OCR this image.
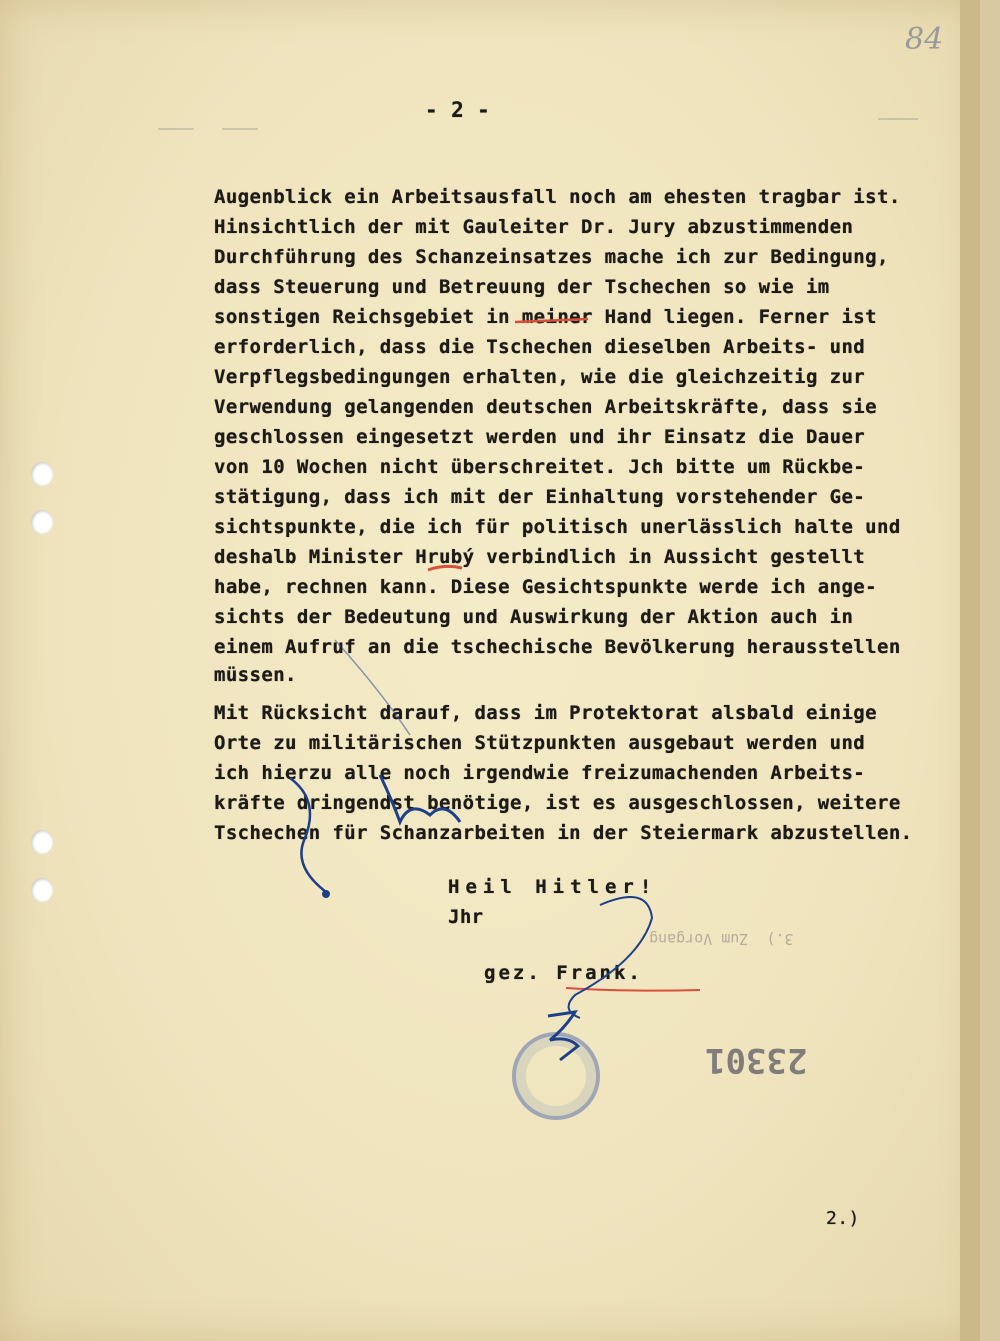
84
- 2 -
3.)  Zum Vorgang.
23301
Augenblick ein Arbeitsausfall noch am ehesten tragbar ist.
Hinsichtlich der mit Gauleiter Dr. Jury abzustimmenden
Durchführung des Schanzeinsatzes mache ich zur Bedingung,
dass Steuerung und Betreuung der Tschechen so wie im
sonstigen Reichsgebiet in meiner Hand liegen. Ferner ist
erforderlich, dass die Tschechen dieselben Arbeits- und
Verpflegsbedingungen erhalten, wie die gleichzeitig zur
Verwendung gelangenden deutschen Arbeitskräfte, dass sie
geschlossen eingesetzt werden und ihr Einsatz die Dauer
von 10 Wochen nicht überschreitet. Jch bitte um Rückbe-
stätigung, dass ich mit der Einhaltung vorstehender Ge-
sichtspunkte, die ich für politisch unerlässlich halte und
deshalb Minister Hrubý verbindlich in Aussicht gestellt
habe, rechnen kann. Diese Gesichtspunkte werde ich ange-
sichts der Bedeutung und Auswirkung der Aktion auch in
einem Aufruf an die tschechische Bevölkerung herausstellen
müssen.
Mit Rücksicht darauf, dass im Protektorat alsbald einige
Orte zu militärischen Stützpunkten ausgebaut werden und
ich hierzu alle noch irgendwie freizumachenden Arbeits-
kräfte dringendst benötige, ist es ausgeschlossen, weitere
Tschechen für Schanzarbeiten in der Steiermark abzustellen.
Heil Hitler!
Jhr
gez. Frank.
2.)
